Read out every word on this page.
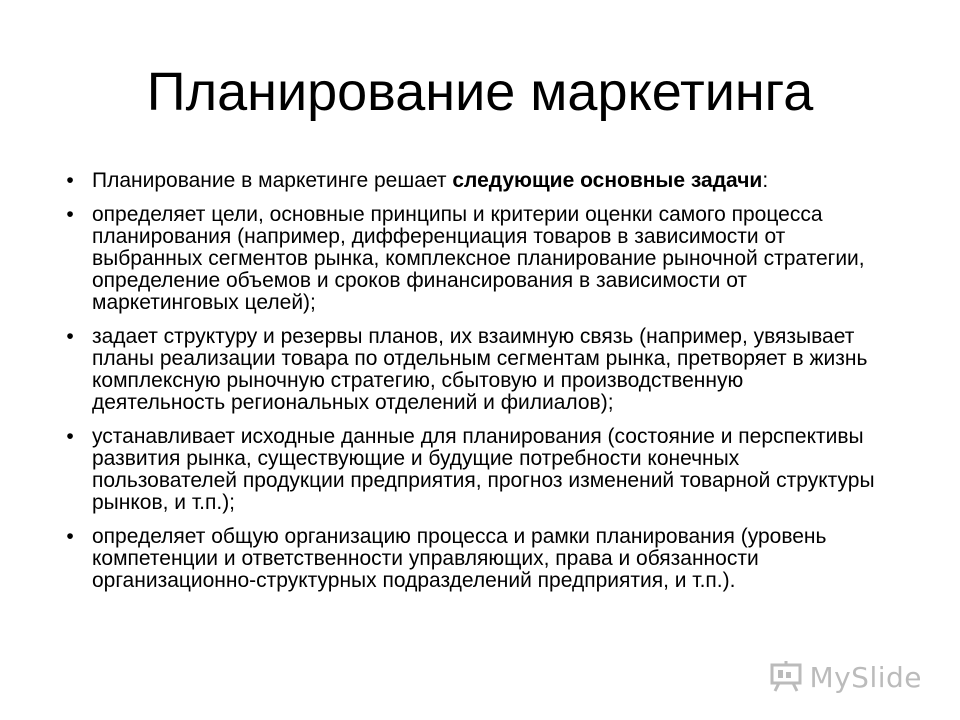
Планирование маркетинга
• Планирование в маркетинге решает следующие основные задачи:
• определяет цели, основные принципы и критерии оценки самого процесса планирования (например, дифференциация товаров в зависимости от выбранных сегментов рынка, комплексное планирование рыночной стратегии, определение объемов и сроков финансирования в зависимости от маркетинговых целей);
• задает структуру и резервы планов, их взаимную связь (например, увязывает планы реализации товара по отдельным сегментам рынка, претворяет в жизнь комплексную рыночную стратегию, сбытовую и производственную деятельность региональных отделений и филиалов);
• устанавливает исходные данные для планирования (состояние и перспективы развития рынка, существующие и будущие потребности конечных пользователей продукции предприятия, прогноз изменений товарной структуры рынков, и т.п.);
• определяет общую организацию процесса и рамки планирования (уровень компетенции и ответственности управляющих, права и обязанности организационно-структурных подразделений предприятия, и т.п.).
MySlide
